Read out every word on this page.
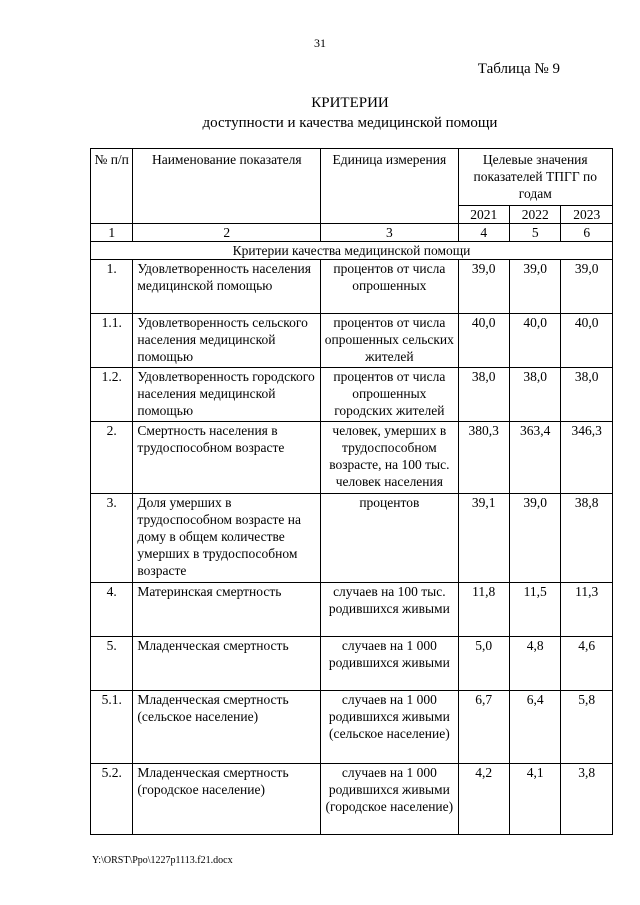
31
Таблица № 9
КРИТЕРИИ
доступности и качества медицинской помощи
№ п/п	Наименование показателя	Единица измерения	Целевые значения показателей ТПГГ по годам		
			2021	2022	2023
1	2	3	4	5	6
Критерии качества медицинской помощи					
1.	Удовлетворенность населения медицинской помощью	процентов от числа опрошенных	39,0	39,0	39,0
1.1.	Удовлетворенность сельского населения медицинской помощью	процентов от числа опрошенных сельских жителей	40,0	40,0	40,0
1.2.	Удовлетворенность городского населения медицинской помощью	процентов от числа опрошенных городских жителей	38,0	38,0	38,0
2.	Смертность населения в трудоспособном возрасте	человек, умерших в трудоспособном возрасте, на 100 тыс. человек населения	380,3	363,4	346,3
3.	Доля умерших в трудоспособном возрасте на дому в общем количестве умерших в трудоспособном возрасте	процентов	39,1	39,0	38,8
4.	Материнская смертность	случаев на 100 тыс. родившихся живыми	11,8	11,5	11,3
5.	Младенческая смертность	случаев на 1 000 родившихся живыми	5,0	4,8	4,6
5.1.	Младенческая смертность (сельское население)	случаев на 1 000 родившихся живыми (сельское население)	6,7	6,4	5,8
5.2.	Младенческая смертность (городское население)	случаев на 1 000 родившихся живыми (городское население)	4,2	4,1	3,8
Y:\ORST\Ppo\1227p1113.f21.docx
